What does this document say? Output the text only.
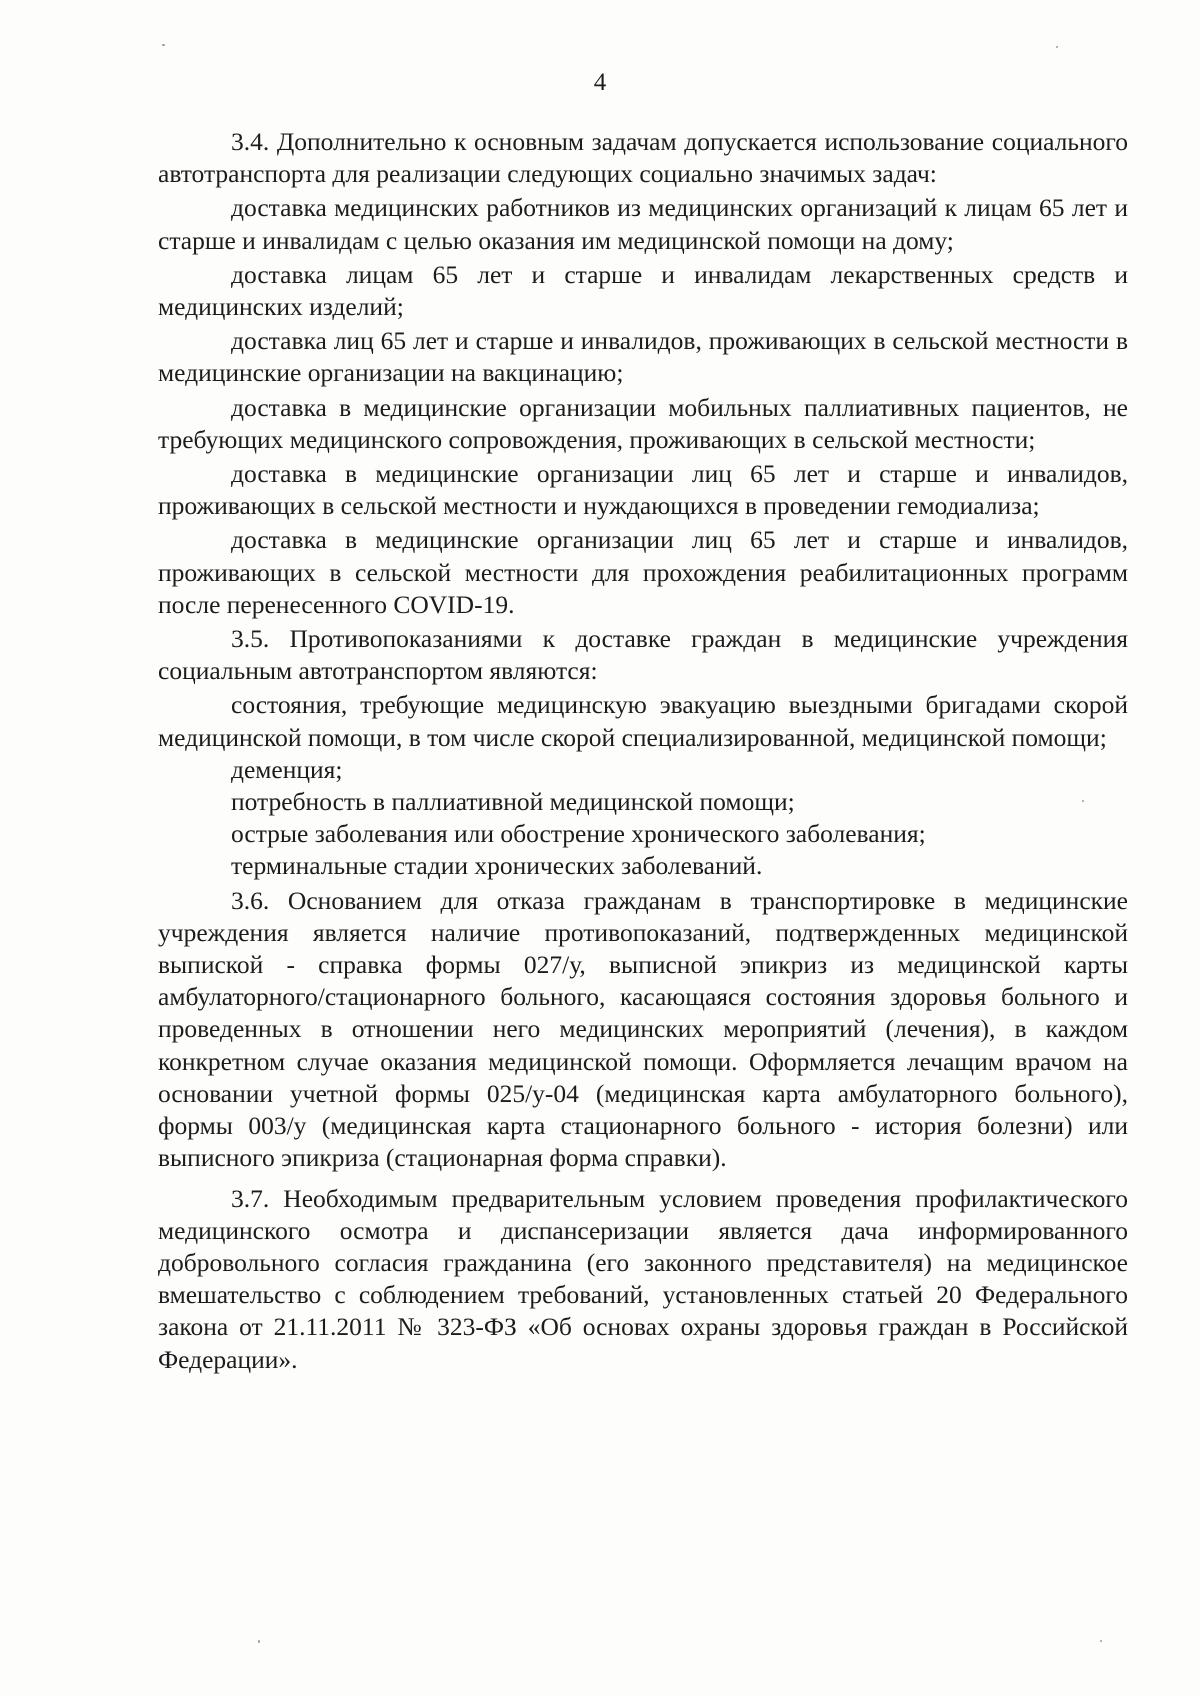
4

3.4. Дополнительно к основным задачам допускается использование социального автотранспорта для реализации следующих социально значимых задач:

доставка медицинских работников из медицинских организаций к лицам 65 лет и старше и инвалидам с целью оказания им медицинской помощи на дому;

доставка лицам 65 лет и старше и инвалидам лекарственных средств и медицинских изделий;

доставка лиц 65 лет и старше и инвалидов, проживающих в сельской местности в медицинские организации на вакцинацию;

доставка в медицинские организации мобильных паллиативных пациентов, не требующих медицинского сопровождения, проживающих в сельской местности;

доставка в медицинские организации лиц 65 лет и старше и инвалидов, проживающих в сельской местности и нуждающихся в проведении гемодиализа;

доставка в медицинские организации лиц 65 лет и старше и инвалидов, проживающих в сельской местности для прохождения реабилитационных программ после перенесенного COVID-19.

3.5. Противопоказаниями к доставке граждан в медицинские учреждения социальным автотранспортом являются:

состояния, требующие медицинскую эвакуацию выездными бригадами скорой медицинской помощи, в том числе скорой специализированной, медицинской помощи;

деменция;

потребность в паллиативной медицинской помощи;

острые заболевания или обострение хронического заболевания;

терминальные стадии хронических заболеваний.

3.6. Основанием для отказа гражданам в транспортировке в медицинские учреждения является наличие противопоказаний, подтвержденных медицинской выпиской - справка формы 027/у, выписной эпикриз из медицинской карты амбулаторного/стационарного больного, касающаяся состояния здоровья больного и проведенных в отношении него медицинских мероприятий (лечения), в каждом конкретном случае оказания медицинской помощи. Оформляется лечащим врачом на основании учетной формы 025/у-04 (медицинская карта амбулаторного больного), формы 003/у (медицинская карта стационарного больного - история болезни) или выписного эпикриза (стационарная форма справки).

3.7. Необходимым предварительным условием проведения профилактического медицинского осмотра и диспансеризации является дача информированного добровольного согласия гражданина (его законного представителя) на медицинское вмешательство с соблюдением требований, установленных статьей 20 Федерального закона от 21.11.2011 № 323-ФЗ «Об основах охраны здоровья граждан в Российской Федерации».
